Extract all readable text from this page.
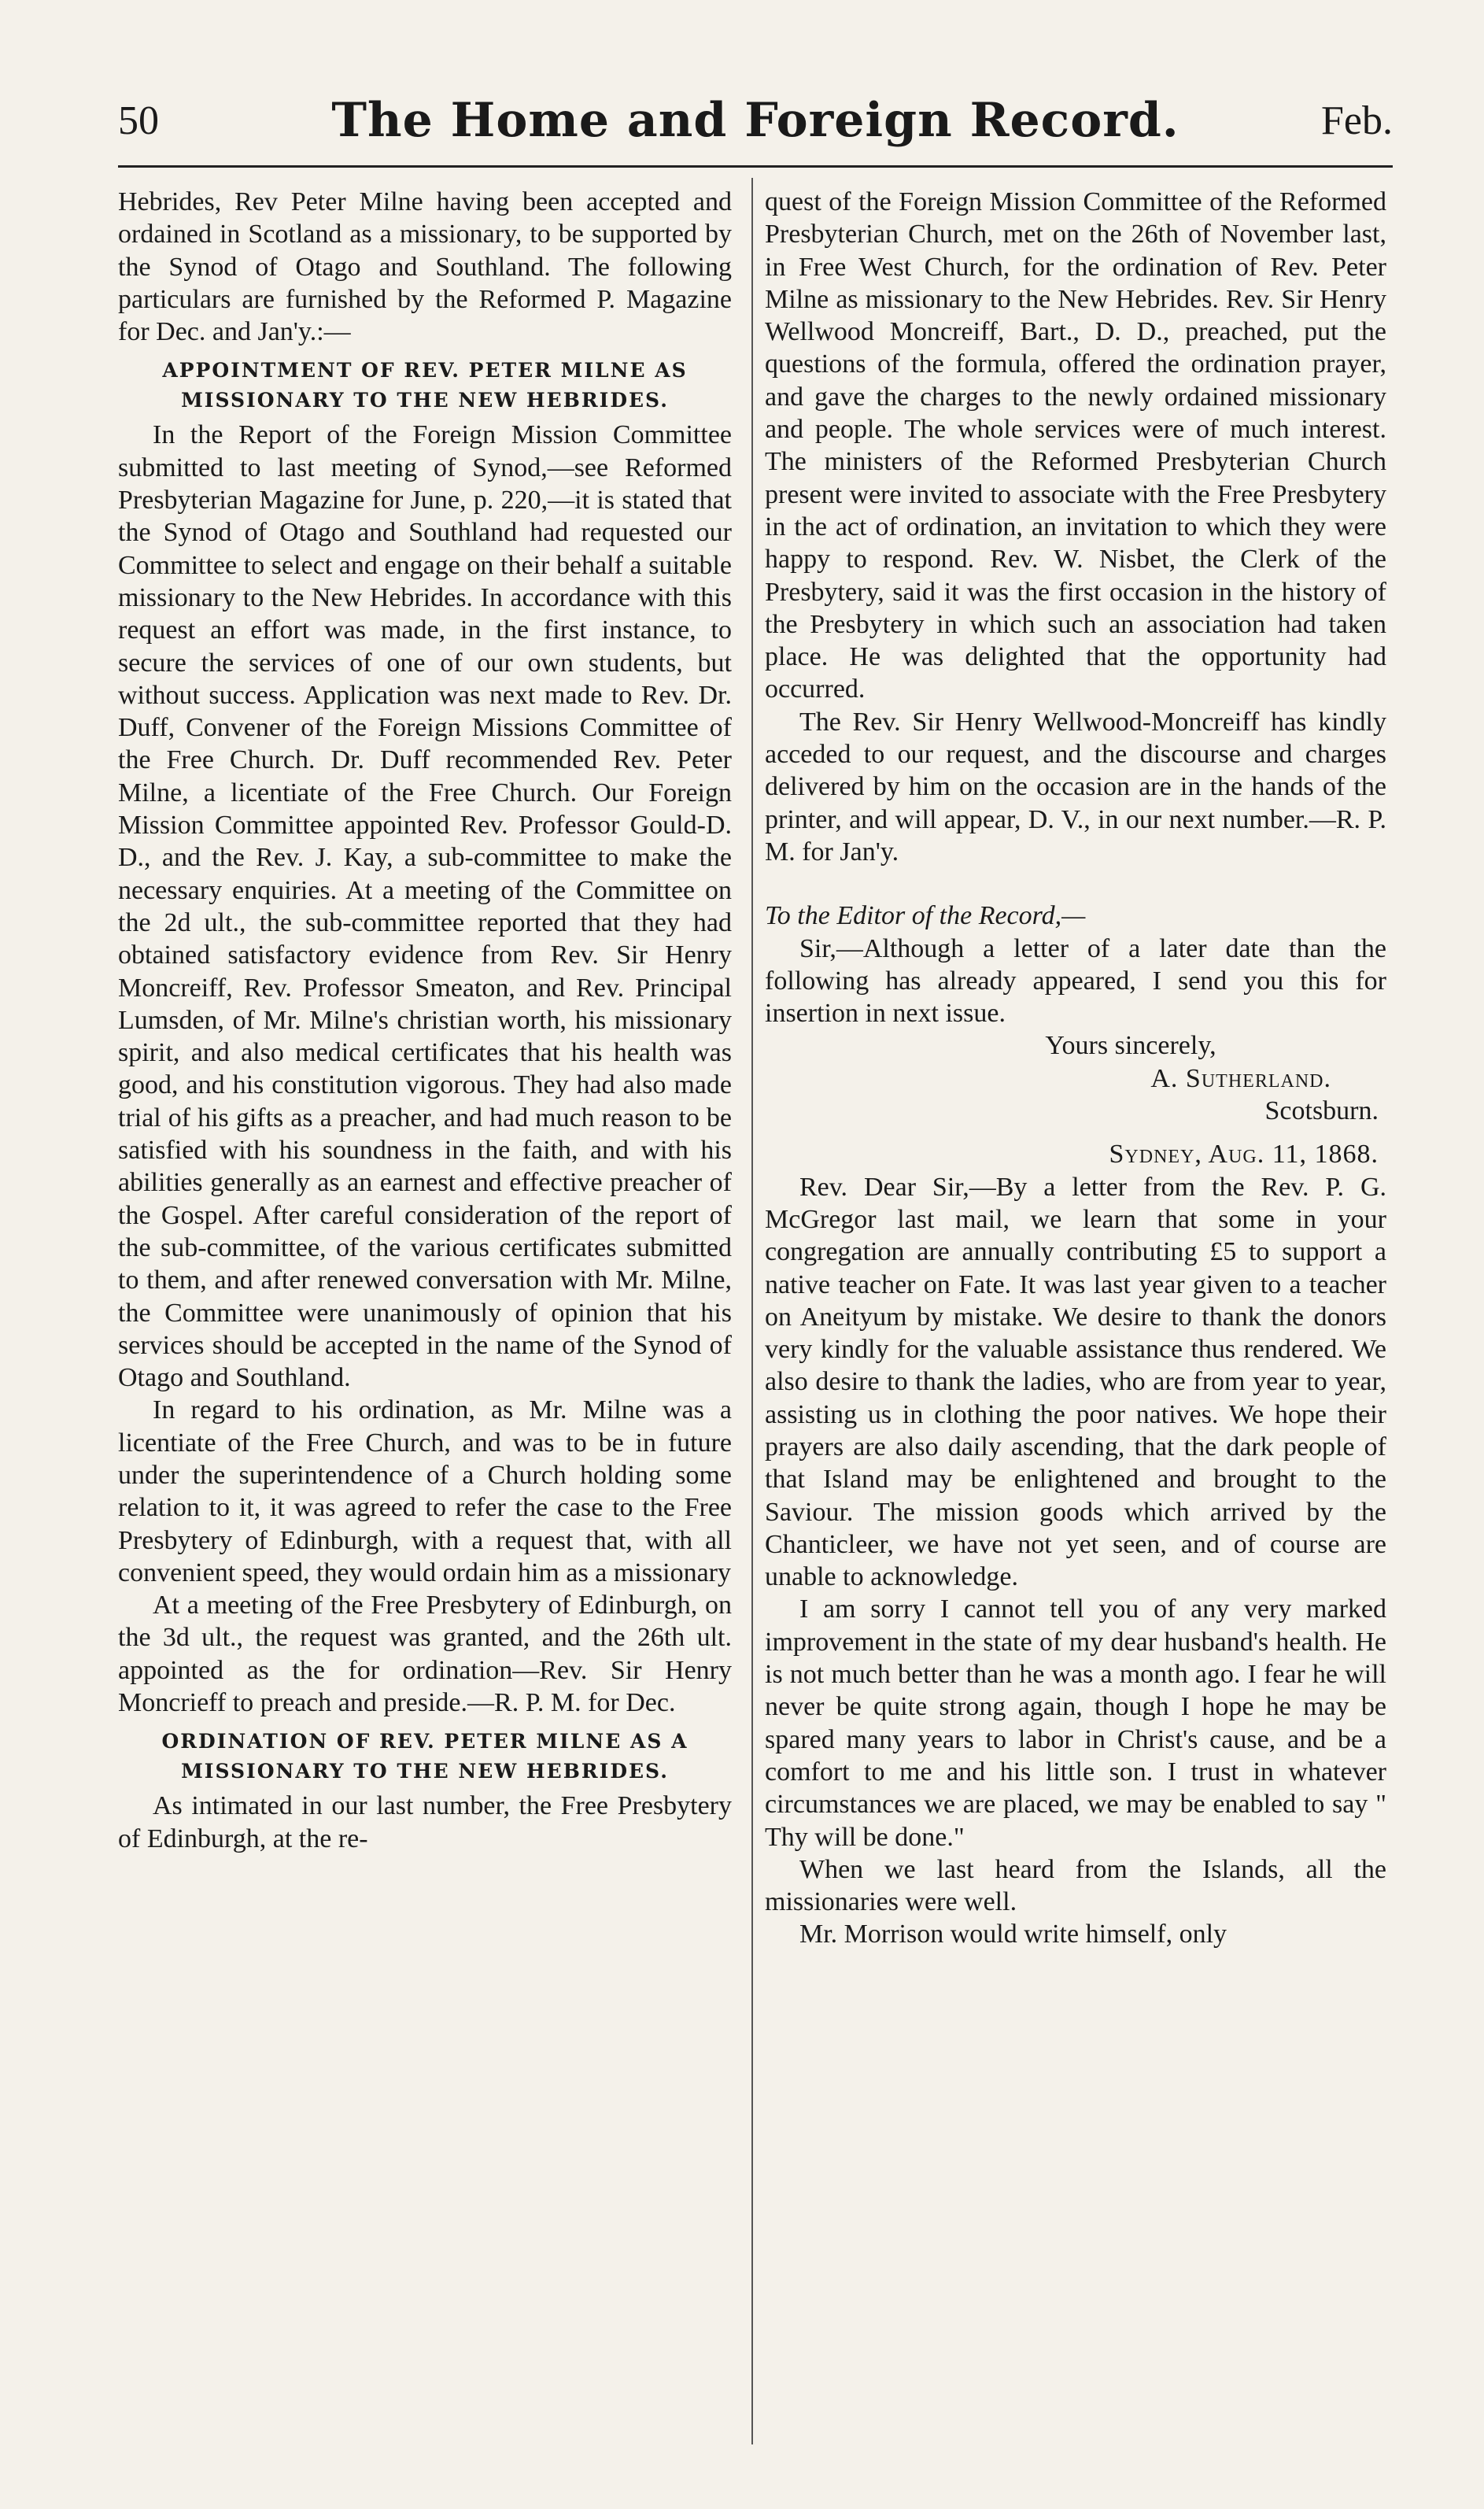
50	The Home and Foreign Record.	Feb.

Hebrides, Rev Peter Milne having been accepted and ordained in Scotland as a missionary, to be supported by the Synod of Otago and Southland. The following particulars are furnished by the Reformed P. Magazine for Dec. and Jan'y.:—

APPOINTMENT OF REV. PETER MILNE AS MISSIONARY TO THE NEW HEBRIDES.

In the Report of the Foreign Mission Committee submitted to last meeting of Synod,—see Reformed Presbyterian Magazine for June, p. 220,—it is stated that the Synod of Otago and Southland had requested our Committee to select and engage on their behalf a suitable missionary to the New Hebrides. In accordance with this request an effort was made, in the first instance, to secure the services of one of our own students, but without success. Application was next made to Rev. Dr. Duff, Convener of the Foreign Missions Committee of the Free Church. Dr. Duff recommended Rev. Peter Milne, a licentiate of the Free Church. Our Foreign Mission Committee appointed Rev. Professor Gould-D. D., and the Rev. J. Kay, a sub-committee to make the necessary enquiries. At a meeting of the Committee on the 2d ult., the sub-committee reported that they had obtained satisfactory evidence from Rev. Sir Henry Moncreiff, Rev. Professor Smeaton, and Rev. Principal Lumsden, of Mr. Milne's christian worth, his missionary spirit, and also medical certificates that his health was good, and his constitution vigorous. They had also made trial of his gifts as a preacher, and had much reason to be satisfied with his soundness in the faith, and with his abilities generally as an earnest and effective preacher of the Gospel. After careful consideration of the report of the sub-committee, of the various certificates submitted to them, and after renewed conversation with Mr. Milne, the Committee were unanimously of opinion that his services should be accepted in the name of the Synod of Otago and Southland.

In regard to his ordination, as Mr. Milne was a licentiate of the Free Church, and was to be in future under the superintendence of a Church holding some relation to it, it was agreed to refer the case to the Free Presbytery of Edinburgh, with a request that, with all convenient speed, they would ordain him as a missionary

At a meeting of the Free Presbytery of Edinburgh, on the 3d ult., the request was granted, and the 26th ult. appointed as the for ordination—Rev. Sir Henry Moncrieff to preach and preside.—R. P. M. for Dec.

ORDINATION OF REV. PETER MILNE AS A MISSIONARY TO THE NEW HEBRIDES.

As intimated in our last number, the Free Presbytery of Edinburgh, at the re-

quest of the Foreign Mission Committee of the Reformed Presbyterian Church, met on the 26th of November last, in Free West Church, for the ordination of Rev. Peter Milne as missionary to the New Hebrides. Rev. Sir Henry Wellwood Moncreiff, Bart., D. D., preached, put the questions of the formula, offered the ordination prayer, and gave the charges to the newly ordained missionary and people. The whole services were of much interest. The ministers of the Reformed Presbyterian Church present were invited to associate with the Free Presbytery in the act of ordination, an invitation to which they were happy to respond. Rev. W. Nisbet, the Clerk of the Presbytery, said it was the first occasion in the history of the Presbytery in which such an association had taken place. He was delighted that the opportunity had occurred.

The Rev. Sir Henry Wellwood-Moncreiff has kindly acceded to our request, and the discourse and charges delivered by him on the occasion are in the hands of the printer, and will appear, D. V., in our next number.—R. P. M. for Jan'y.

To the Editor of the Record,—

Sir,—Although a letter of a later date than the following has already appeared, I send you this for insertion in next issue.

Yours sincerely,

A. Sutherland.

Scotsburn.

Sydney, Aug. 11, 1868.

Rev. Dear Sir,—By a letter from the Rev. P. G. McGregor last mail, we learn that some in your congregation are annually contributing £5 to support a native teacher on Fate. It was last year given to a teacher on Aneityum by mistake. We desire to thank the donors very kindly for the valuable assistance thus rendered. We also desire to thank the ladies, who are from year to year, assisting us in clothing the poor natives. We hope their prayers are also daily ascending, that the dark people of that Island may be enlightened and brought to the Saviour. The mission goods which arrived by the Chanticleer, we have not yet seen, and of course are unable to acknowledge.

I am sorry I cannot tell you of any very marked improvement in the state of my dear husband's health. He is not much better than he was a month ago. I fear he will never be quite strong again, though I hope he may be spared many years to labor in Christ's cause, and be a comfort to me and his little son. I trust in whatever circumstances we are placed, we may be enabled to say " Thy will be done."

When we last heard from the Islands, all the missionaries were well.

Mr. Morrison would write himself, only
